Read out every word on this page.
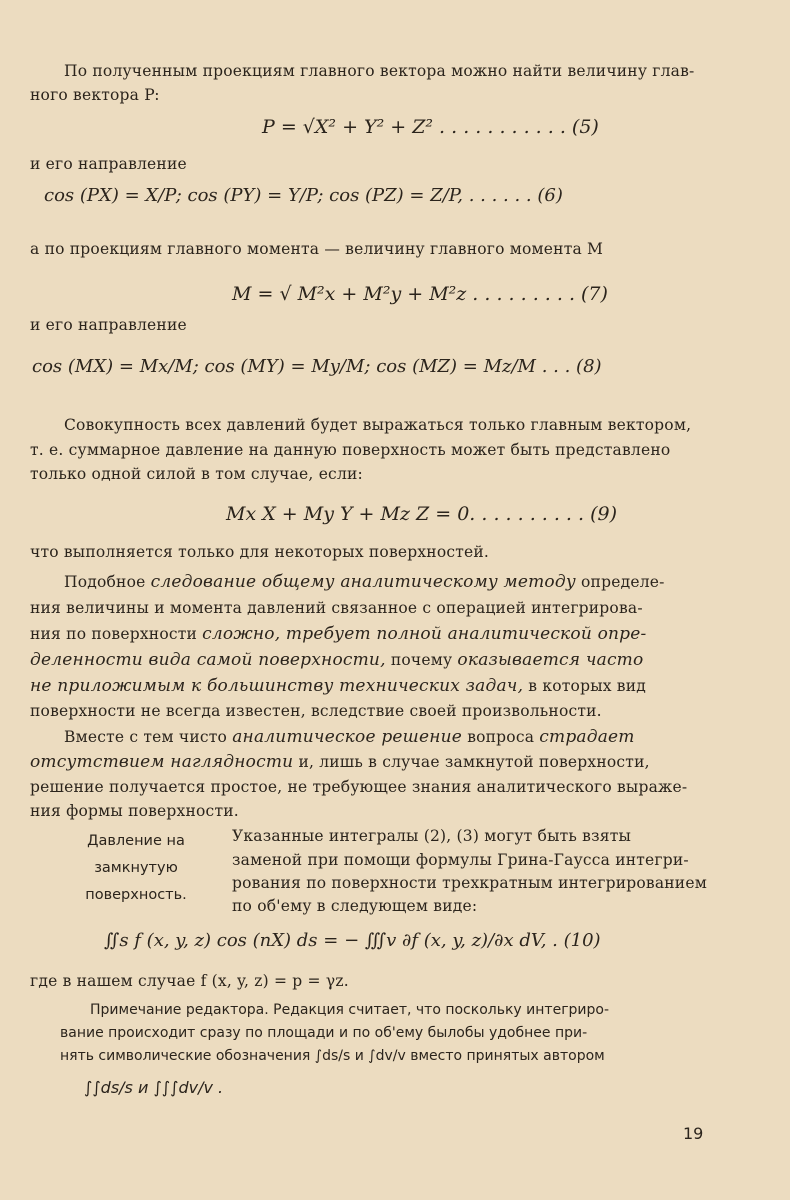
По полученным проекциям главного вектора можно найти величину глав-
ного вектора P:
P = √X² + Y² + Z² . . . . . . . . . . . (5)
и его направление
cos (PX) = X/P; cos (PY) = Y/P; cos (PZ) = Z/P, . . . . . . (6)
а по проекциям главного момента — величину главного момента M
M = √ M²x + M²y + M²z . . . . . . . . . (7)
и его направление
cos (MX) = Mx/M; cos (MY) = My/M; cos (MZ) = Mz/M . . . (8)
Совокупность всех давлений будет выражаться только главным вектором,
т. е. суммарное давление на данную поверхность может быть представлено
только одной силой в том случае, если:
Mx X + My Y + Mz Z = 0. . . . . . . . . . (9)
что выполняется только для некоторых поверхностей.
Подобное следование общему аналитическому методу определе-
ния величины и момента давлений связанное с операцией интегрирова-
ния по поверхности сложно, требует полной аналитической опре-
деленности вида самой поверхности, почему оказывается часто
не приложимым к большинству технических задач, в которых вид
поверхности не всегда известен, вследствие своей произвольности.
Вместе с тем чисто аналитическое решение вопроса страдает
отсутствием наглядности и, лишь в случае замкнутой поверхности,
решение получается простое, не требующее знания аналитического выраже-
ния формы поверхности.
Давление на
замкнутую
поверхность.
Указанные интегралы (2), (3) могут быть взяты
заменой при помощи формулы Грина-Гаусса интегри-
рования по поверхности трехкратным интегрированием
по об'ему в следующем виде:
∬s f (x, y, z) cos (nX) ds = − ∭v ∂f (x, y, z)/∂x dV, . (10)
где в нашем случае f (x, y, z) = p = γz.
Примечание редактора. Редакция считает, что поскольку интегриро-
вание происходит сразу по площади и по об'ему былобы удобнее при-
нять символические обозначения ∫ds/s и ∫dv/v вместо принятых автором
∫∫ds/s и ∫∫∫dv/v .
19
